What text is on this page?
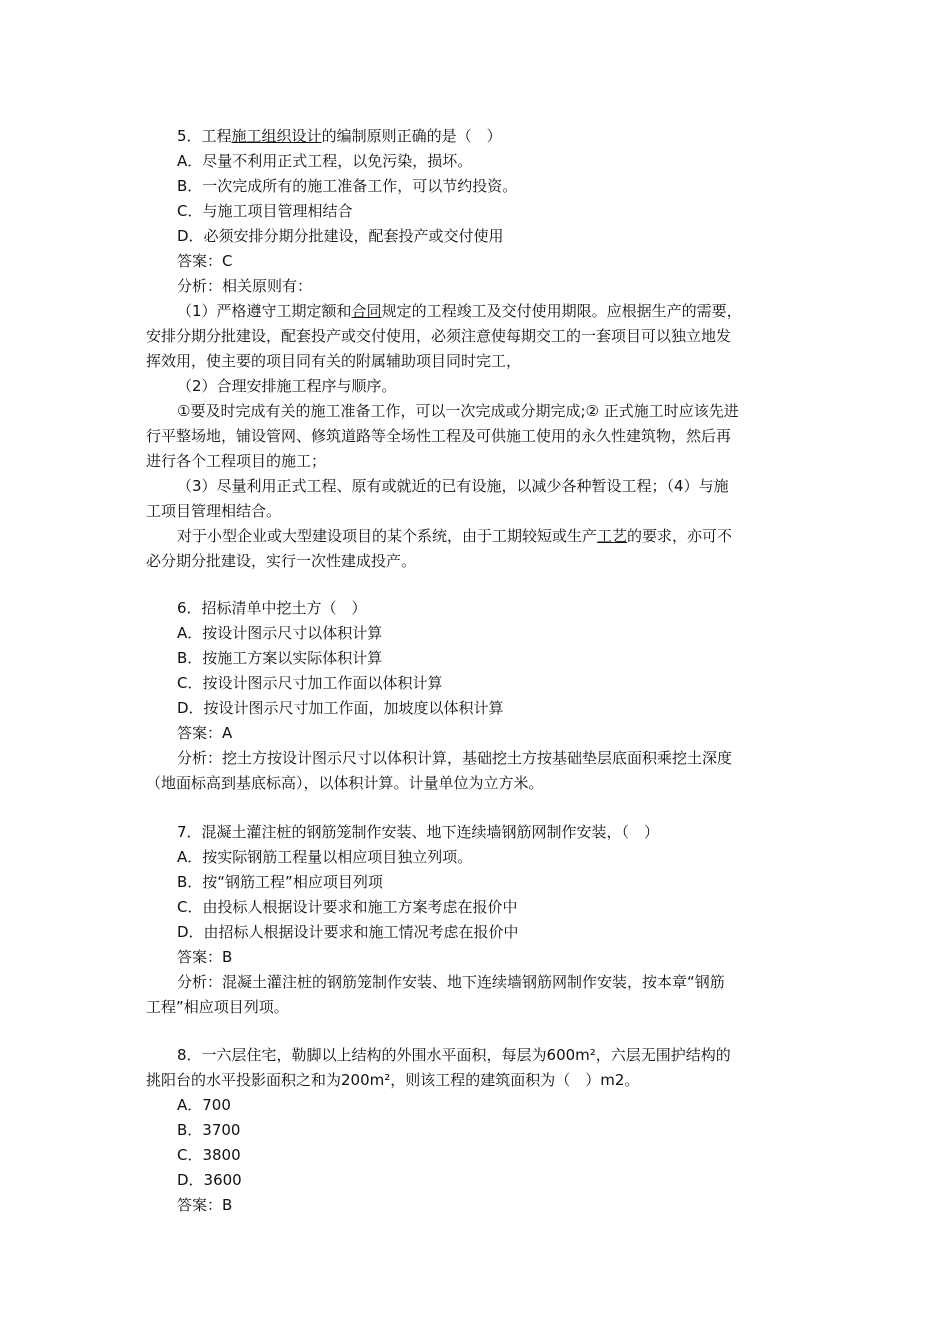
5．工程施工组织设计的编制原则正确的是（　）
A．尽量不利用正式工程，以免污染，损坏。
B．一次完成所有的施工准备工作，可以节约投资。
C．与施工项目管理相结合
D．必须安排分期分批建设，配套投产或交付使用
答案：C
分析：相关原则有：
（1）严格遵守工期定额和合同规定的工程竣工及交付使用期限。应根据生产的需要，
安排分期分批建设，配套投产或交付使用，必须注意使每期交工的一套项目可以独立地发
挥效用，使主要的项目同有关的附属辅助项目同时完工，
（2）合理安排施工程序与顺序。
①要及时完成有关的施工准备工作，可以一次完成或分期完成;② 正式施工时应该先进
行平整场地，铺设管网、修筑道路等全场性工程及可供施工使用的永久性建筑物，然后再
进行各个工程项目的施工；
（3）尽量利用正式工程、原有或就近的已有设施，以减少各种暂设工程；（4）与施
工项目管理相结合。
对于小型企业或大型建设项目的某个系统，由于工期较短或生产工艺的要求，亦可不
必分期分批建设，实行一次性建成投产。
6．招标清单中挖土方（　）
A．按设计图示尺寸以体积计算
B．按施工方案以实际体积计算
C．按设计图示尺寸加工作面以体积计算
D．按设计图示尺寸加工作面，加坡度以体积计算
答案：A
分析：挖土方按设计图示尺寸以体积计算，基础挖土方按基础垫层底面积乘挖土深度
（地面标高到基底标高），以体积计算。计量单位为立方米。
7．混凝土灌注桩的钢筋笼制作安装、地下连续墙钢筋网制作安装，（　）
A．按实际钢筋工程量以相应项目独立列项。
B．按“钢筋工程”相应项目列项
C．由投标人根据设计要求和施工方案考虑在报价中
D．由招标人根据设计要求和施工情况考虑在报价中
答案：B
分析：混凝土灌注桩的钢筋笼制作安装、地下连续墙钢筋网制作安装，按本章“钢筋
工程”相应项目列项。
8．一六层住宅，勒脚以上结构的外围水平面积，每层为600m²，六层无围护结构的
挑阳台的水平投影面积之和为200m²，则该工程的建筑面积为（　）m2。
A．700
B．3700
C．3800
D．3600
答案：B
